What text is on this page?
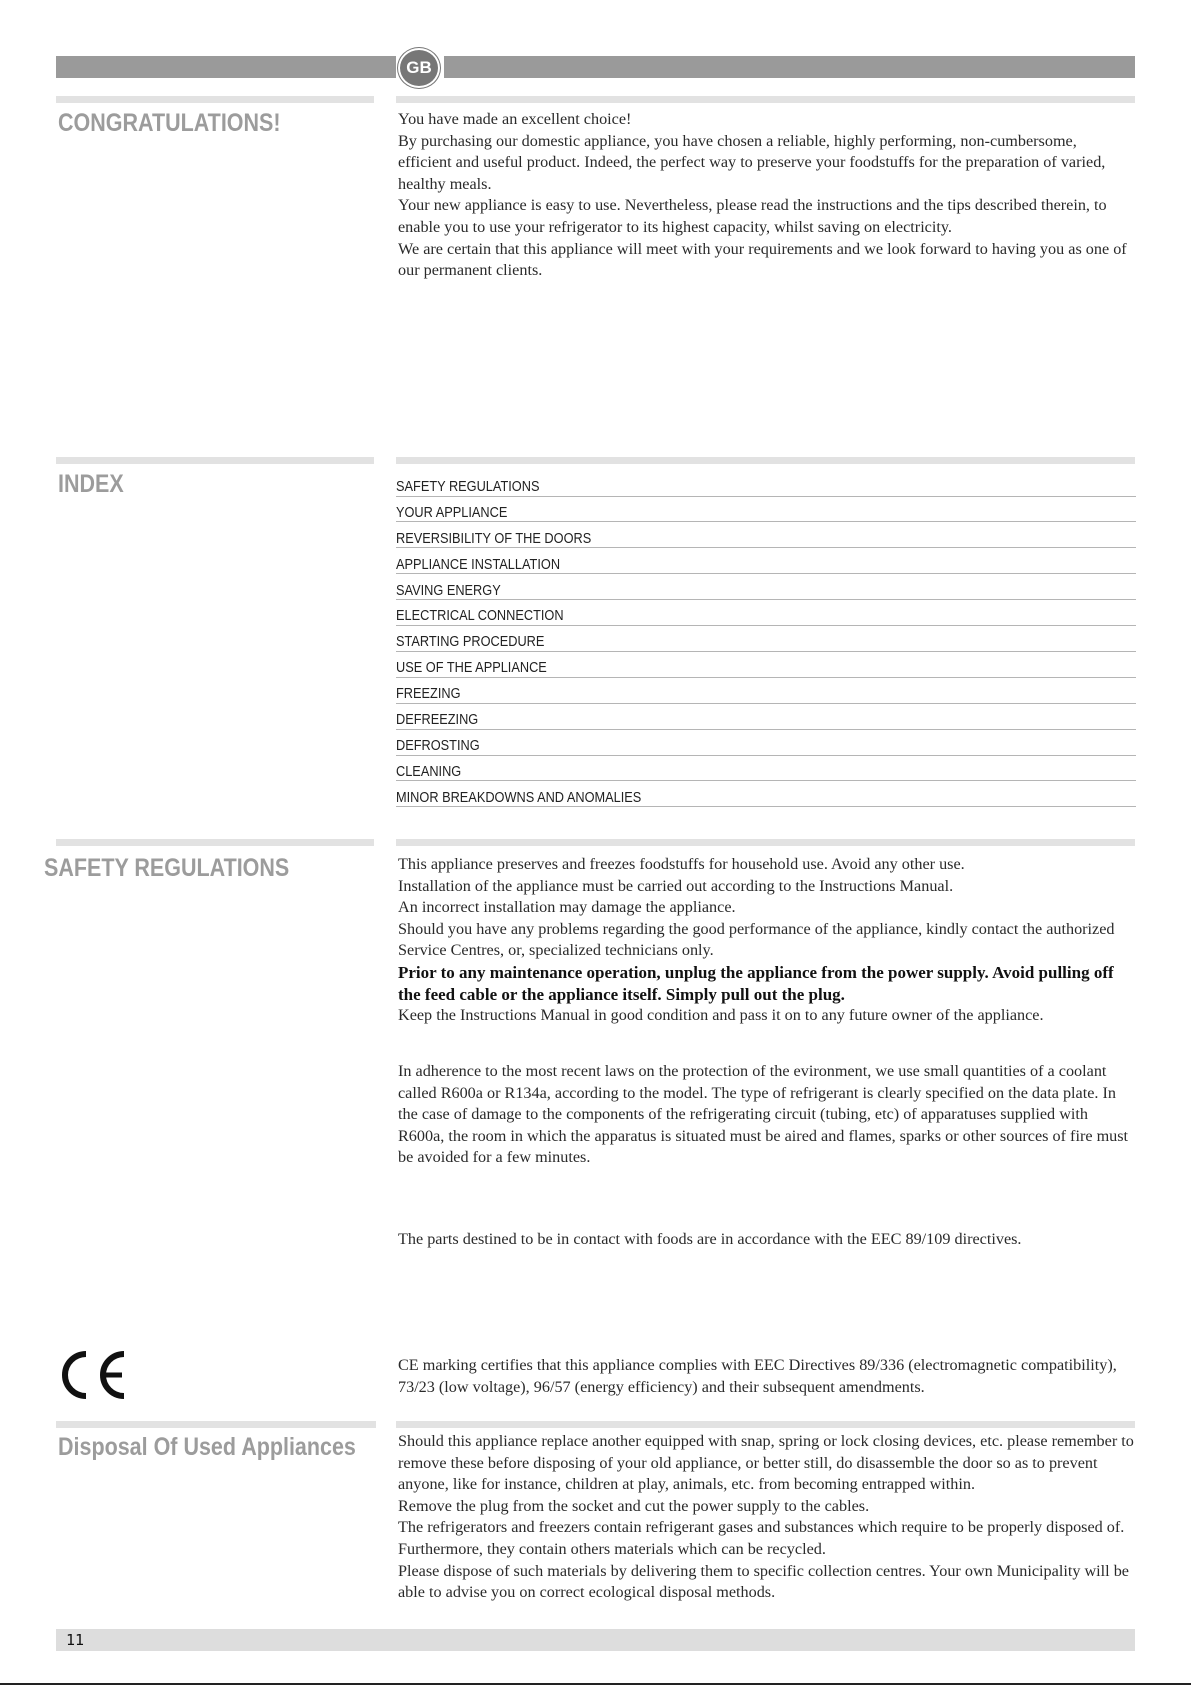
GB
CONGRATULATIONS!	You have made an excellent choice!

By purchasing our domestic appliance, you have chosen a reliable, highly performing, non-cumbersome, efficient and useful product. Indeed, the perfect way to preserve your foodstuffs for the preparation of varied, healthy meals.

Your new appliance is easy to use. Nevertheless, please read the instructions and the tips described therein, to enable you to use your refrigerator to its highest capacity, whilst saving on electricity.

We are certain that this appliance will meet with your requirements and we look forward to having you as one of our permanent clients.

INDEX	SAFETY REGULATIONS
YOUR APPLIANCE
REVERSIBILITY OF THE DOORS
APPLIANCE INSTALLATION
SAVING ENERGY
ELECTRICAL CONNECTION
STARTING PROCEDURE
USE OF THE APPLIANCE
FREEZING
DEFREEZING
DEFROSTING
CLEANING
MINOR BREAKDOWNS AND ANOMALIES
SAFETY REGULATIONS	This appliance preserves and freezes foodstuffs for household use. Avoid any other use.

Installation of the appliance must be carried out according to the Instructions Manual.

An incorrect installation may damage the appliance.

Should you have any problems regarding the good performance of the appliance, kindly contact the authorized Service Centres, or, specialized technicians only.

Prior to any maintenance operation, unplug the appliance from the power supply. Avoid pulling off the feed cable or the appliance itself. Simply pull out the plug.

Keep the Instructions Manual in good condition and pass it on to any future owner of the appliance.

In adherence to the most recent laws on the protection of the evironment, we use small quantities of a coolant called R600a or R134a, according to the model. The type of refrigerant is clearly specified on the data plate. In the case of damage to the components of the refrigerating circuit (tubing, etc) of apparatuses supplied with R600a, the room in which the apparatus is situated must be aired and flames, sparks or other sources of fire must be avoided for a few minutes.
The parts destined to be in contact with foods are in accordance with the EEC 89/109 directives.
CE marking certifies that this appliance complies with EEC Directives 89/336 (electromagnetic compatibility), 73/23 (low voltage), 96/57 (energy efficiency) and their subsequent amendments.
Disposal Of Used Appliances	Should this appliance replace another equipped with snap, spring or lock closing devices, etc. please remember to remove these before disposing of your old appliance, or better still, do disassemble the door so as to prevent anyone, like for instance, children at play, animals, etc. from becoming entrapped within.

Remove the plug from the socket and cut the power supply to the cables.

The refrigerators and freezers contain refrigerant gases and substances which require to be properly disposed of. Furthermore, they contain others materials which can be recycled.

Please dispose of such materials by delivering them to specific collection centres. Your own Municipality will be able to advise you on correct ecological disposal methods.

11
